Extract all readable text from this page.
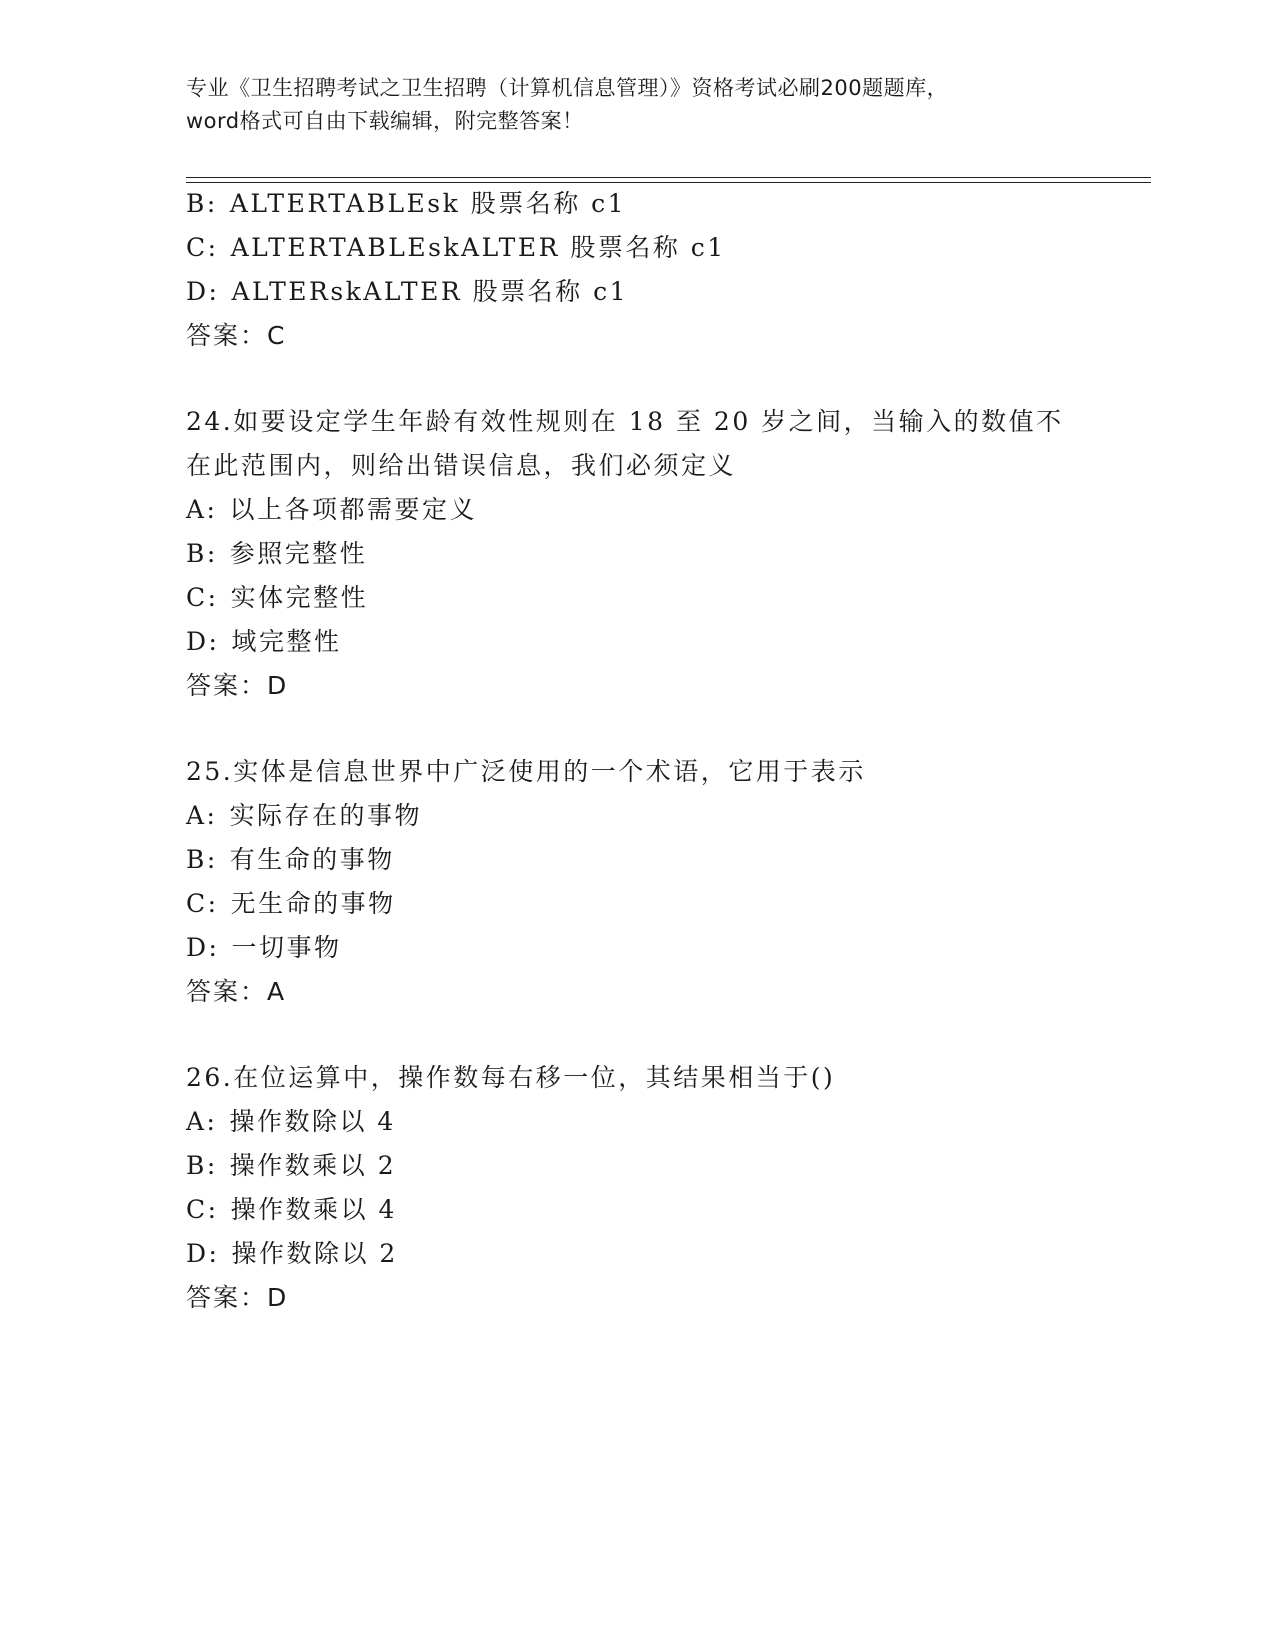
专业《卫生招聘考试之卫生招聘（计算机信息管理）》资格考试必刷200题题库，
word格式可自由下载编辑，附完整答案！
B: ALTERTABLEsk 股票名称 c1
C: ALTERTABLEskALTER 股票名称 c1
D: ALTERskALTER 股票名称 c1
答案：C
24.如要设定学生年龄有效性规则在 18 至 20 岁之间，当输入的数值不
在此范围内，则给出错误信息，我们必须定义
A: 以上各项都需要定义
B: 参照完整性
C: 实体完整性
D: 域完整性
答案：D
25.实体是信息世界中广泛使用的一个术语，它用于表示
A: 实际存在的事物
B: 有生命的事物
C: 无生命的事物
D: 一切事物
答案：A
26.在位运算中，操作数每右移一位，其结果相当于()
A: 操作数除以 4
B: 操作数乘以 2
C: 操作数乘以 4
D: 操作数除以 2
答案：D
